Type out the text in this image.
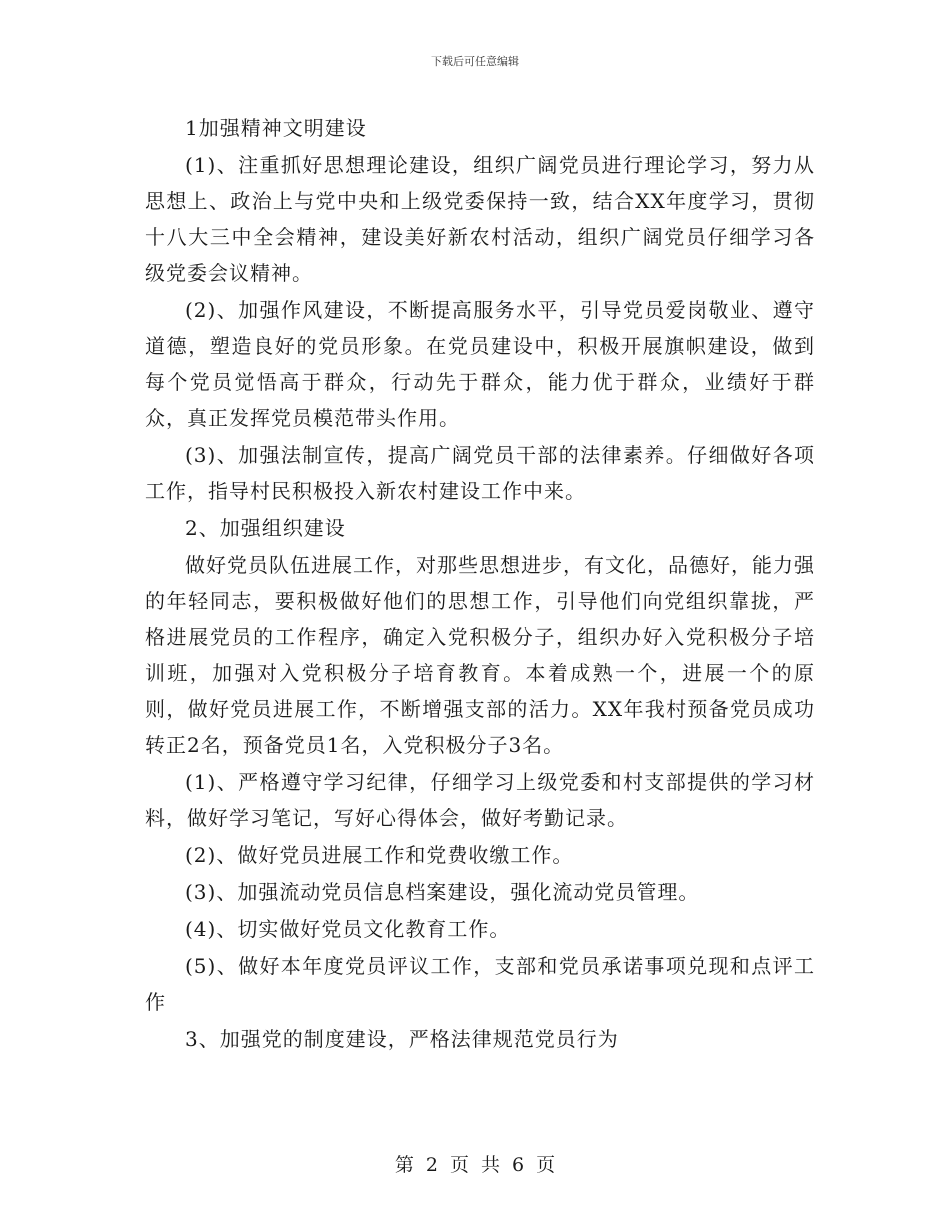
下载后可任意编辑

1加强精神文明建设

(1)、注重抓好思想理论建设，组织广阔党员进行理论学习，努力从思想上、政治上与党中央和上级党委保持一致，结合XX年度学习，贯彻十八大三中全会精神，建设美好新农村活动，组织广阔党员仔细学习各级党委会议精神。

(2)、加强作风建设，不断提高服务水平，引导党员爱岗敬业、遵守道德，塑造良好的党员形象。在党员建设中，积极开展旗帜建设，做到每个党员觉悟高于群众，行动先于群众，能力优于群众，业绩好于群众，真正发挥党员模范带头作用。

(3)、加强法制宣传，提高广阔党员干部的法律素养。仔细做好各项工作，指导村民积极投入新农村建设工作中来。

2、加强组织建设

做好党员队伍进展工作，对那些思想进步，有文化，品德好，能力强的年轻同志，要积极做好他们的思想工作，引导他们向党组织靠拢，严格进展党员的工作程序，确定入党积极分子，组织办好入党积极分子培训班，加强对入党积极分子培育教育。本着成熟一个，进展一个的原则，做好党员进展工作，不断增强支部的活力。XX年我村预备党员成功转正2名，预备党员1名，入党积极分子3名。

(1)、严格遵守学习纪律，仔细学习上级党委和村支部提供的学习材料，做好学习笔记，写好心得体会，做好考勤记录。

(2)、做好党员进展工作和党费收缴工作。

(3)、加强流动党员信息档案建设，强化流动党员管理。

(4)、切实做好党员文化教育工作。

(5)、做好本年度党员评议工作，支部和党员承诺事项兑现和点评工作

3、加强党的制度建设，严格法律规范党员行为

第 2 页 共 6 页
